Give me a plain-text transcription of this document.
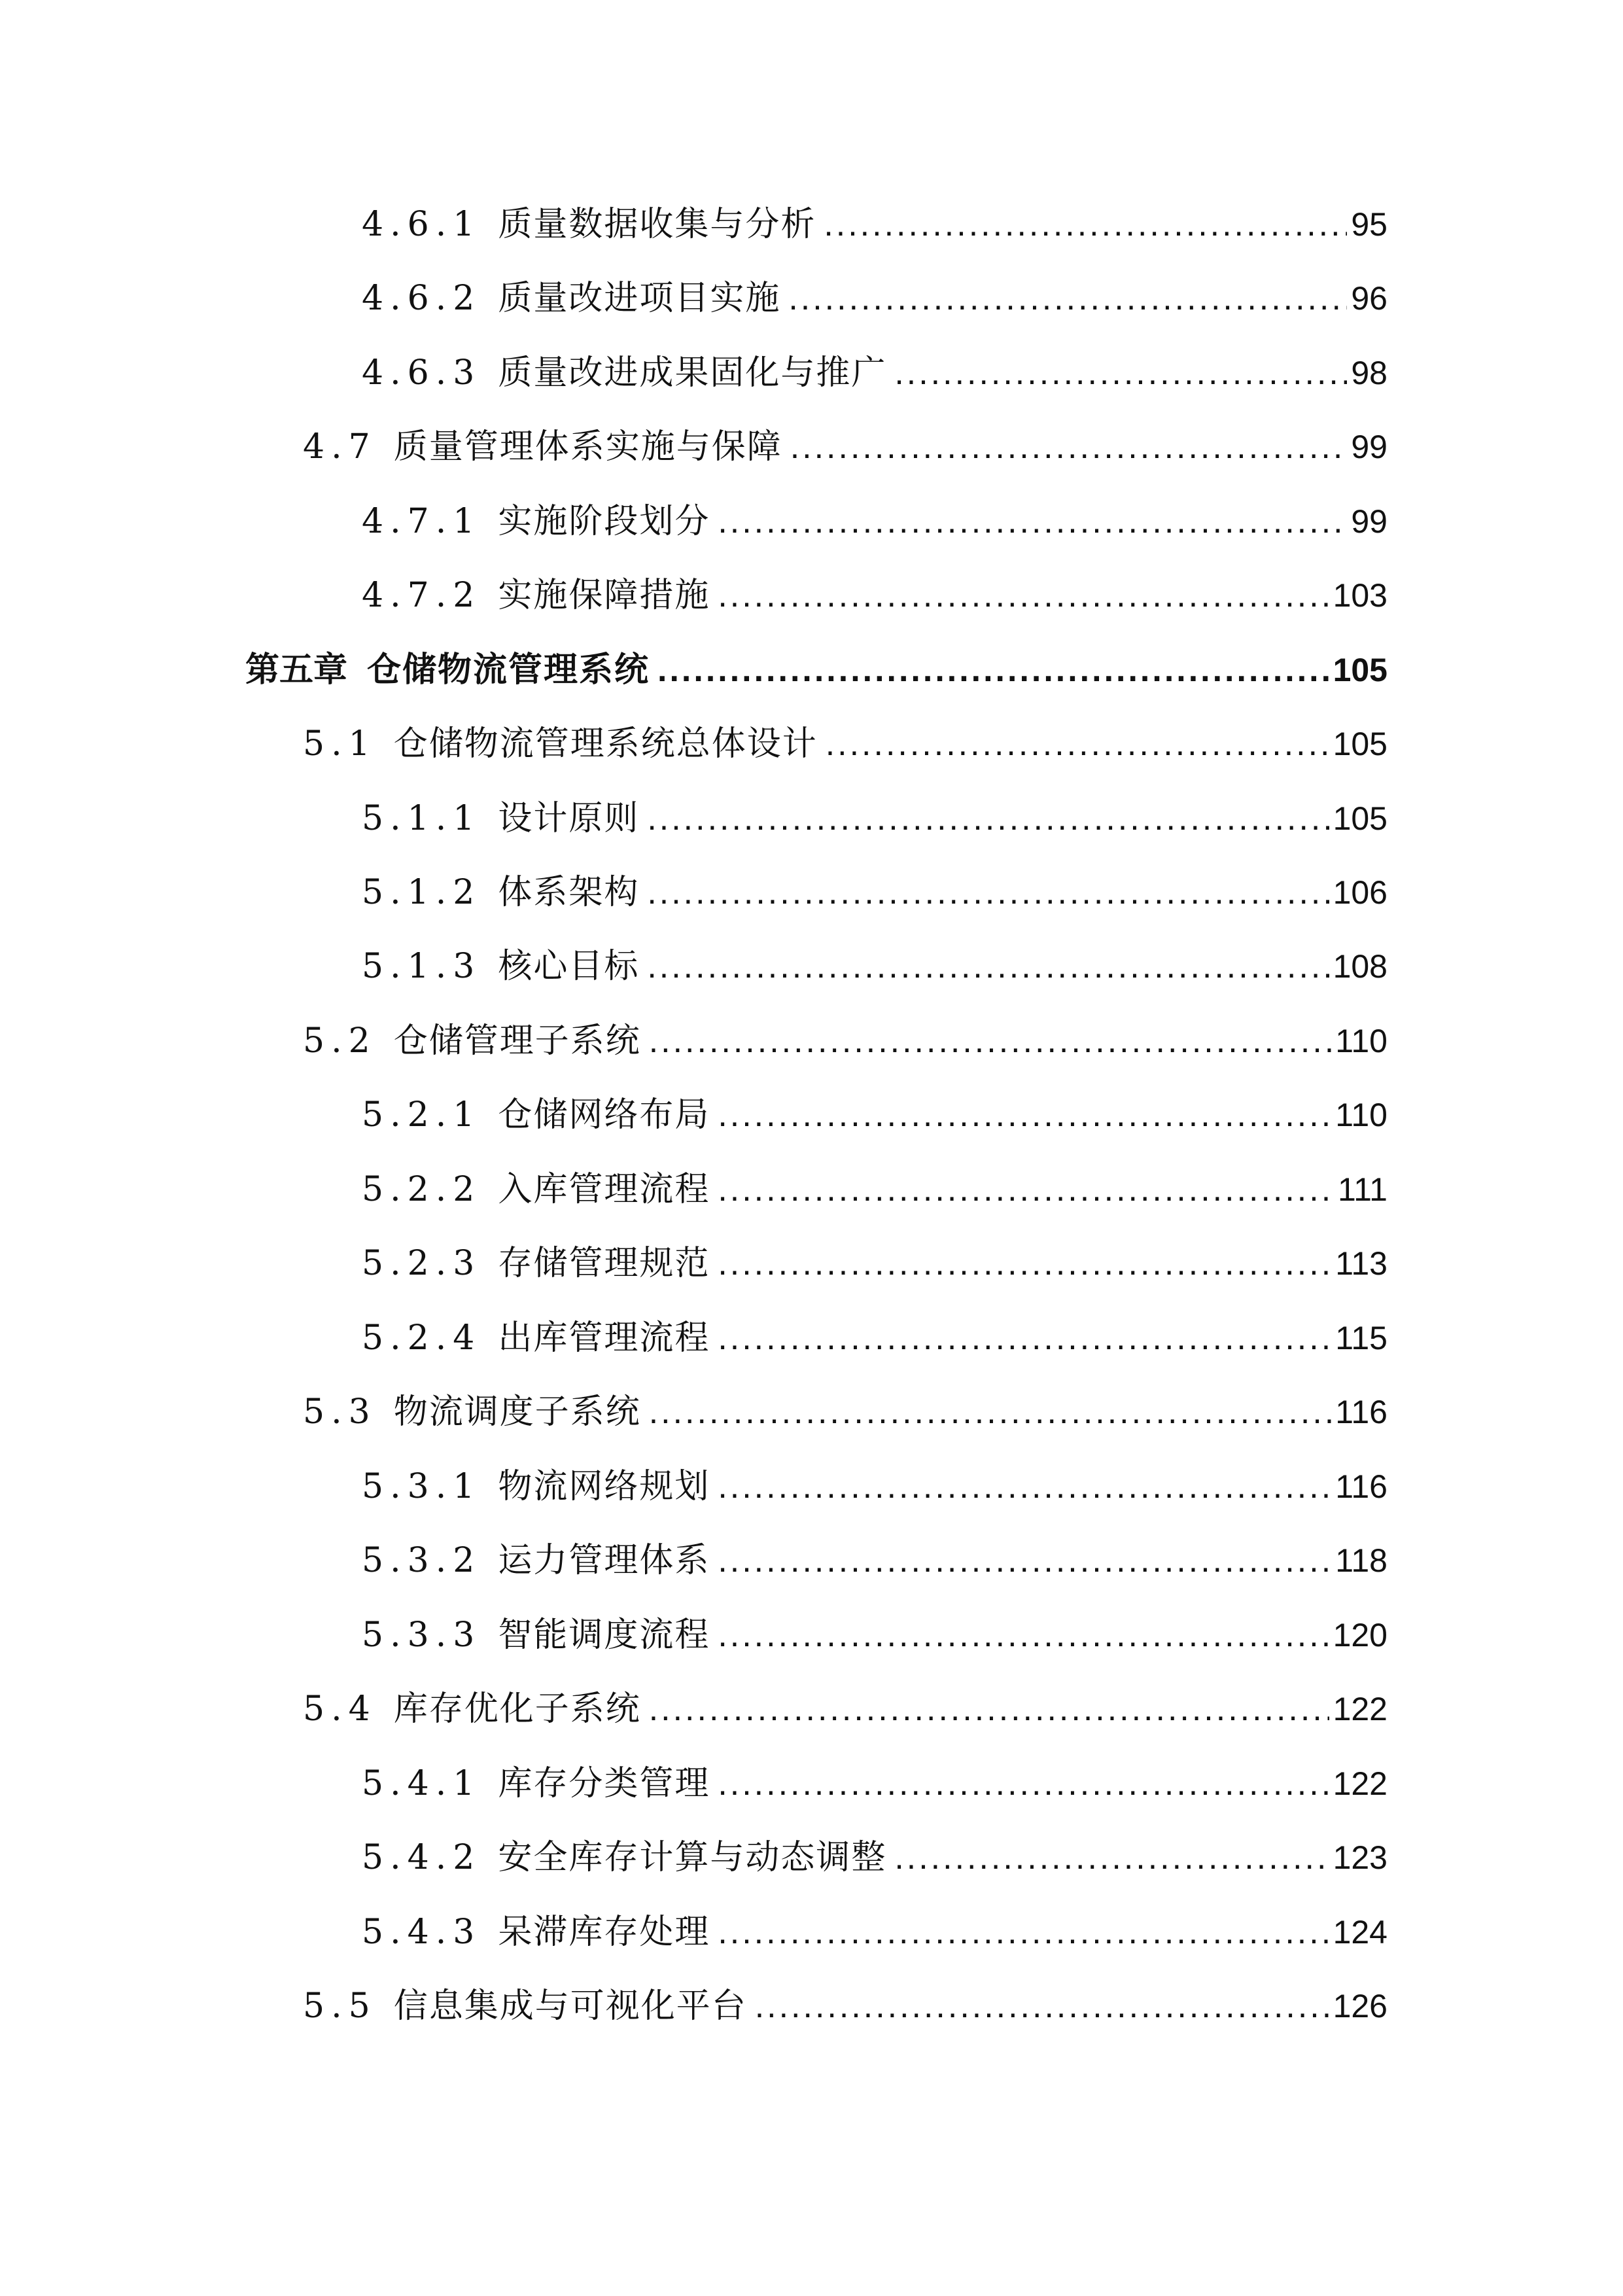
4.6.1 质量数据收集与分析 .....	95
4.6.2 质量改进项目实施 .....	96
4.6.3 质量改进成果固化与推广 .....	98
4.7 质量管理体系实施与保障 .....	99
4.7.1 实施阶段划分 .....	99
4.7.2 实施保障措施 .....	103
第五章 仓储物流管理系统 .....	105
5.1 仓储物流管理系统总体设计 .....	105
5.1.1 设计原则 .....	105
5.1.2 体系架构 .....	106
5.1.3 核心目标 .....	108
5.2 仓储管理子系统 .....	110
5.2.1 仓储网络布局 .....	110
5.2.2 入库管理流程 .....	111
5.2.3 存储管理规范 .....	113
5.2.4 出库管理流程 .....	115
5.3 物流调度子系统 .....	116
5.3.1 物流网络规划 .....	116
5.3.2 运力管理体系 .....	118
5.3.3 智能调度流程 .....	120
5.4 库存优化子系统 .....	122
5.4.1 库存分类管理 .....	122
5.4.2 安全库存计算与动态调整 .....	123
5.4.3 呆滞库存处理 .....	124
5.5 信息集成与可视化平台 .....	126
